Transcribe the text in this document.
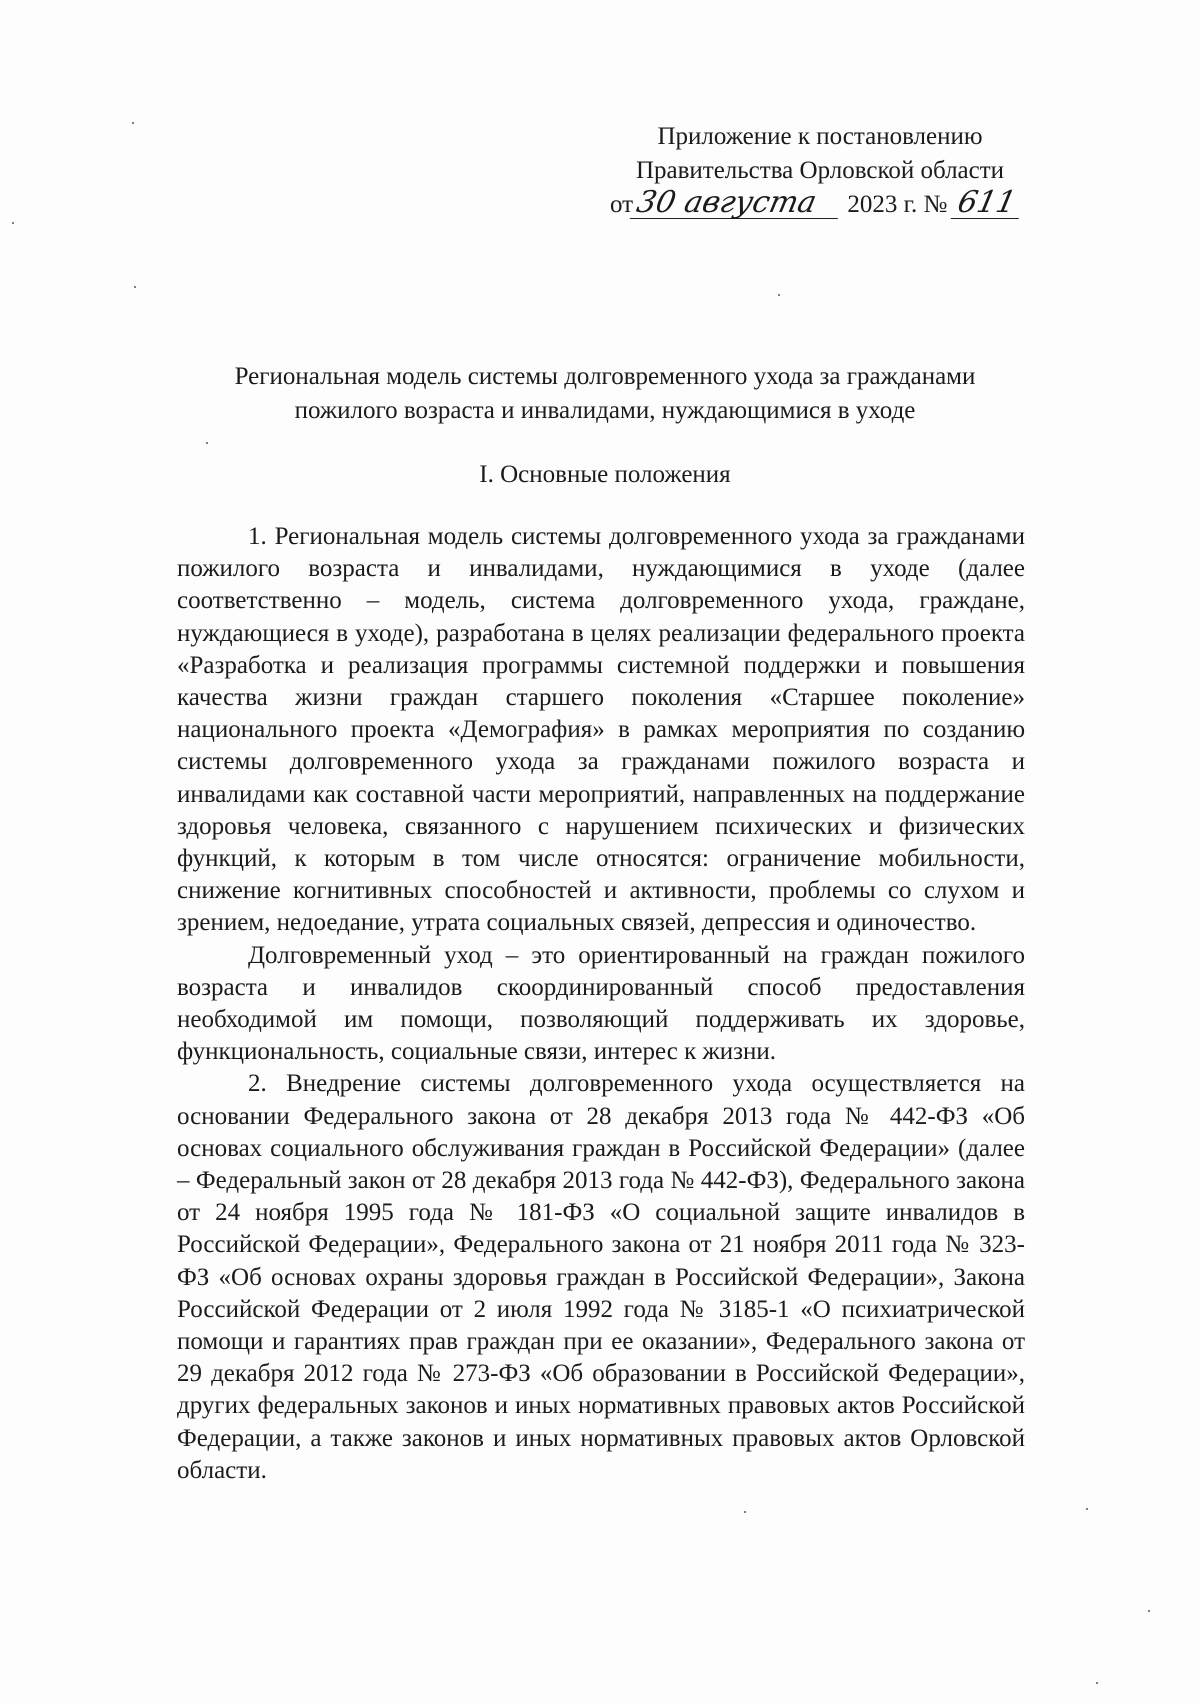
Приложение к постановлению
Правительства Орловской области
от30 августа 2023 г. № 611
Региональная модель системы долговременного ухода за гражданами
пожилого возраста и инвалидами, нуждающимися в уходе
I. Основные положения

1. Региональная модель системы долговременного ухода за гражданами пожилого возраста и инвалидами, нуждающимися в уходе (далее соответственно – модель, система долговременного ухода, граждане, нуждающиеся в уходе), разработана в целях реализации федерального проекта «Разработка и реализация программы системной поддержки и повышения качества жизни граждан старшего поколения «Старшее поколение» национального проекта «Демография» в рамках мероприятия по созданию системы долговременного ухода за гражданами пожилого возраста и инвалидами как составной части мероприятий, направленных на поддержание здоровья человека, связанного с нарушением психических и физических функций, к которым в том числе относятся: ограничение мобильности, снижение когнитивных способностей и активности, проблемы со слухом и зрением, недоедание, утрата социальных связей, депрессия и одиночество.

Долговременный уход – это ориентированный на граждан пожилого возраста и инвалидов скоординированный способ предоставления необходимой им помощи, позволяющий поддерживать их здоровье, функциональность, социальные связи, интерес к жизни.

2. Внедрение системы долговременного ухода осуществляется на основании Федерального закона от 28 декабря 2013 года № 442-ФЗ «Об основах социального обслуживания граждан в Российской Федерации» (далее – Федеральный закон от 28 декабря 2013 года № 442-ФЗ), Федерального закона от 24 ноября 1995 года № 181-ФЗ «О социальной защите инвалидов в Российской Федерации», Федерального закона от 21 ноября 2011 года № 323-ФЗ «Об основах охраны здоровья граждан в Российской Федерации», Закона Российской Федерации от 2 июля 1992 года № 3185-1 «О психиатрической помощи и гарантиях прав граждан при ее оказании», Федерального закона от 29 декабря 2012 года № 273-ФЗ «Об образовании в Российской Федерации», других федеральных законов и иных нормативных правовых актов Российской Федерации, а также законов и иных нормативных правовых актов Орловской области.
